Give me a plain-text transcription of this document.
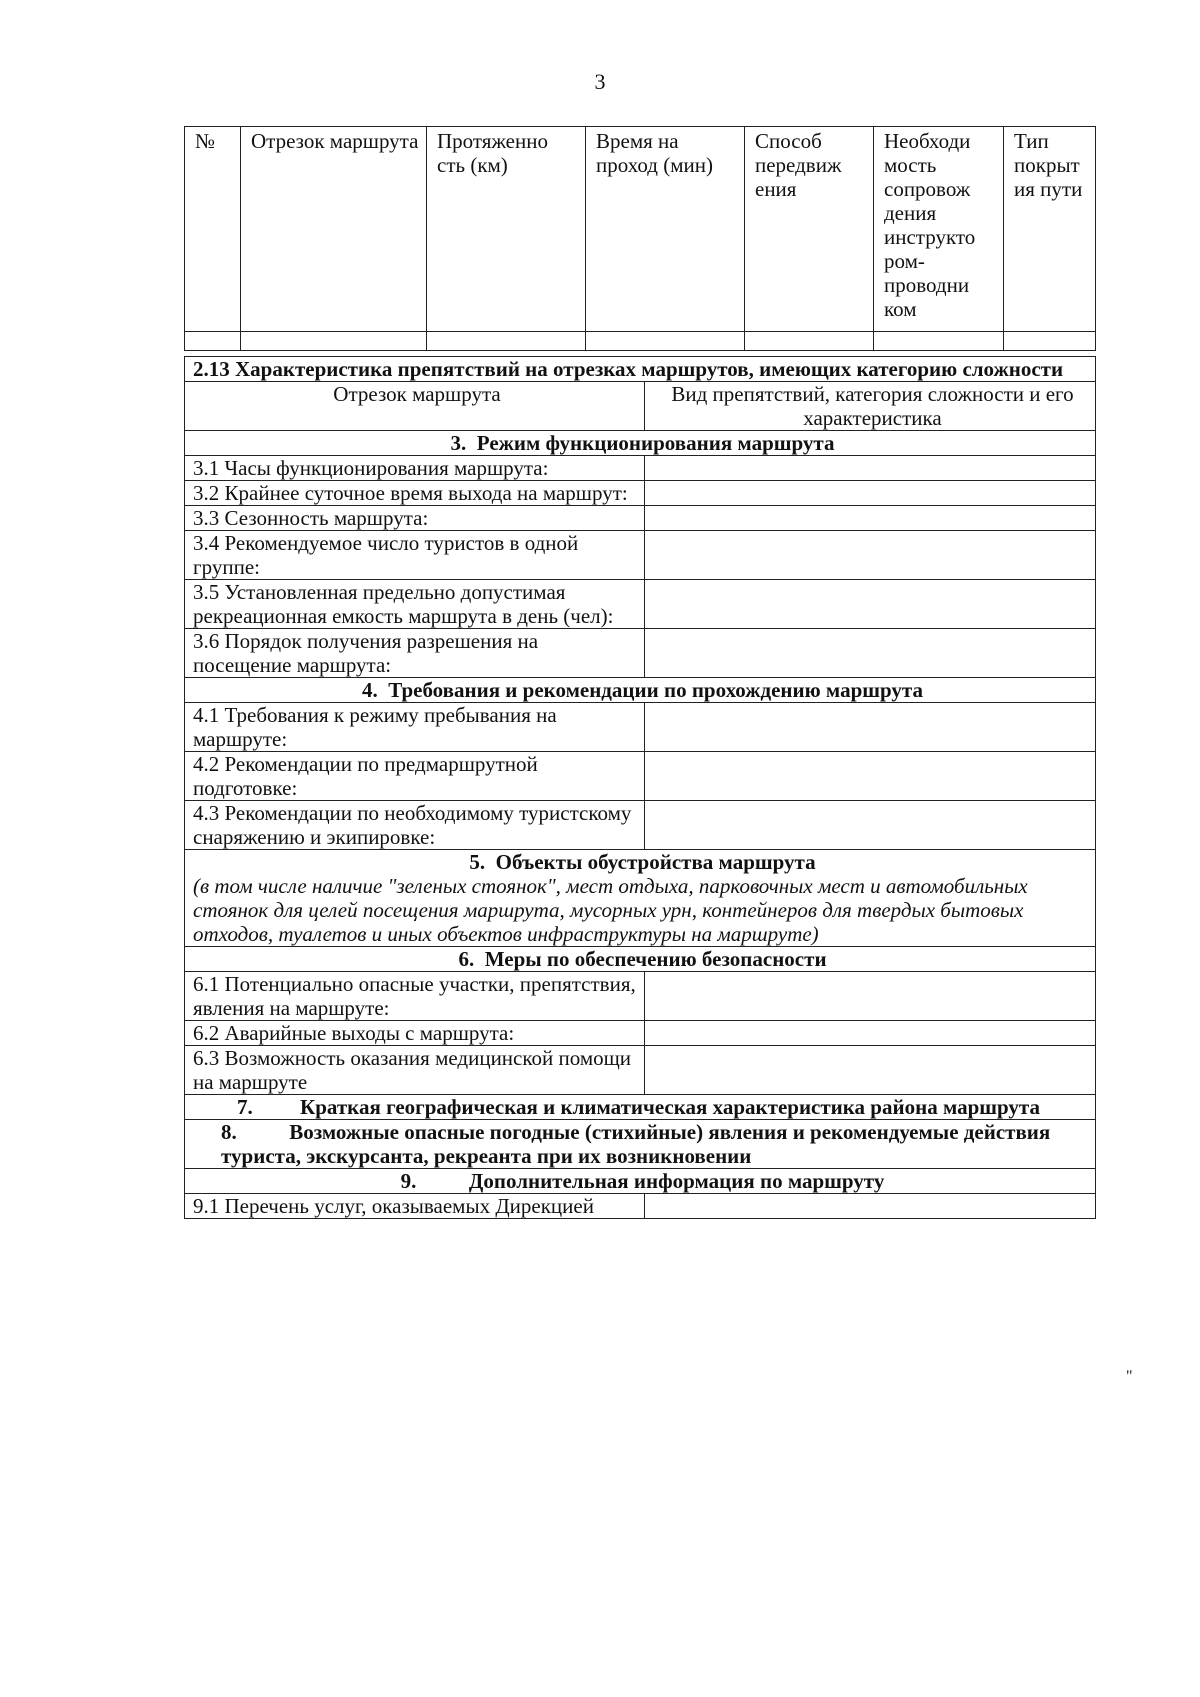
3
№	Отрезок маршрута	Протяженно сть (км)	Время на проход (мин)	Способ передвиж ения	Необходи мость сопровож дения инструкто ром- проводни ком	Тип покрыт ия пути

2.13 Характеристика препятствий на отрезках маршрутов, имеющих категорию сложности	
Отрезок маршрута	Вид препятствий, категория сложности и его характеристика
3. Режим функционирования маршрута	
3.1 Часы функционирования маршрута:	
3.2 Крайнее суточное время выхода на маршрут:	
3.3 Сезонность маршрута:	
3.4 Рекомендуемое число туристов в одной группе:	
3.5 Установленная предельно допустимая рекреационная емкость маршрута в день (чел):	
3.6 Порядок получения разрешения на посещение маршрута:	
4. Требования и рекомендации по прохождению маршрута	
4.1 Требования к режиму пребывания на маршруте:	
4.2 Рекомендации по предмаршрутной подготовке:	
4.3 Рекомендации по необходимому туристскому снаряжению и экипировке:	

5. Объекты обустройства маршрута
(в том числе наличие "зеленых стоянок", мест отдыха, парковочных мест и автомобильных стоянок для целей посещения маршрута, мусорных урн, контейнеров для твердых бытовых отходов, туалетов и иных объектов инфраструктуры на маршруте)	

6. Меры по обеспечению безопасности	
6.1 Потенциально опасные участки, препятствия, явления на маршруте:	
6.2 Аварийные выходы с маршрута:	
6.3 Возможность оказания медицинской помощи на маршруте	
7. Краткая географическая и климатическая характеристика района маршрута	
8. Возможные опасные погодные (стихийные) явления и рекомендуемые действия туриста, экскурсанта, рекреанта при их возникновении	
9. Дополнительная информация по маршруту	
9.1 Перечень услуг, оказываемых Дирекцией	
"
